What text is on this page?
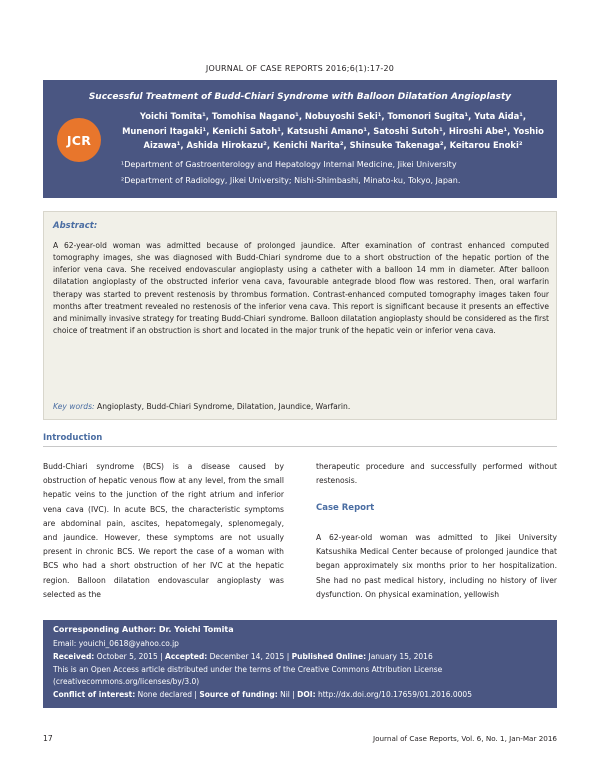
JOURNAL OF CASE REPORTS 2016;6(1):17-20
Successful Treatment of Budd-Chiari Syndrome with Balloon Dilatation Angioplasty
JCR
Yoichi Tomita¹, Tomohisa Nagano¹, Nobuyoshi Seki¹, Tomonori Sugita¹, Yuta Aida¹, Munenori Itagaki¹, Kenichi Satoh¹, Katsushi Amano¹, Satoshi Sutoh¹, Hiroshi Abe¹, Yoshio Aizawa¹, Ashida Hirokazu², Kenichi Narita², Shinsuke Takenaga², Keitarou Enoki²
¹Department of Gastroenterology and Hepatology Internal Medicine, Jikei University
²Department of Radiology, Jikei University; Nishi-Shimbashi, Minato-ku, Tokyo, Japan.
Abstract:
A 62-year-old woman was admitted because of prolonged jaundice. After examination of contrast enhanced computed tomography images, she was diagnosed with Budd-Chiari syndrome due to a short obstruction of the hepatic portion of the inferior vena cava. She received endovascular angioplasty using a catheter with a balloon 14 mm in diameter. After balloon dilatation angioplasty of the obstructed inferior vena cava, favourable antegrade blood flow was restored. Then, oral warfarin therapy was started to prevent restenosis by thrombus formation. Contrast-enhanced computed tomography images taken four months after treatment revealed no restenosis of the inferior vena cava. This report is significant because it presents an effective and minimally invasive strategy for treating Budd-Chiari syndrome. Balloon dilatation angioplasty should be considered as the first choice of treatment if an obstruction is short and located in the major trunk of the hepatic vein or inferior vena cava.
Key words: Angioplasty, Budd-Chiari Syndrome, Dilatation, Jaundice, Warfarin.
Introduction
Budd-Chiari syndrome (BCS) is a disease caused by obstruction of hepatic venous flow at any level, from the small hepatic veins to the junction of the right atrium and inferior vena cava (IVC). In acute BCS, the characteristic symptoms are abdominal pain, ascites, hepatomegaly, splenomegaly, and jaundice. However, these symptoms are not usually present in chronic BCS. We report the case of a woman with BCS who had a short obstruction of her IVC at the hepatic region. Balloon dilatation endovascular angioplasty was selected as the
therapeutic procedure and successfully performed without restenosis.
Case Report
A 62-year-old woman was admitted to Jikei University Katsushika Medical Center because of prolonged jaundice that began approximately six months prior to her hospitalization. She had no past medical history, including no history of liver dysfunction. On physical examination, yellowish
Corresponding Author: Dr. Yoichi Tomita
Email: youichi_0618@yahoo.co.jp
Received: October 5, 2015 | Accepted: December 14, 2015 | Published Online: January 15, 2016
This is an Open Access article distributed under the terms of the Creative Commons Attribution License
(creativecommons.org/licenses/by/3.0)
Conflict of interest: None declared | Source of funding: Nil | DOI: http://dx.doi.org/10.17659/01.2016.0005
17	Journal of Case Reports, Vol. 6, No. 1, Jan-Mar 2016
